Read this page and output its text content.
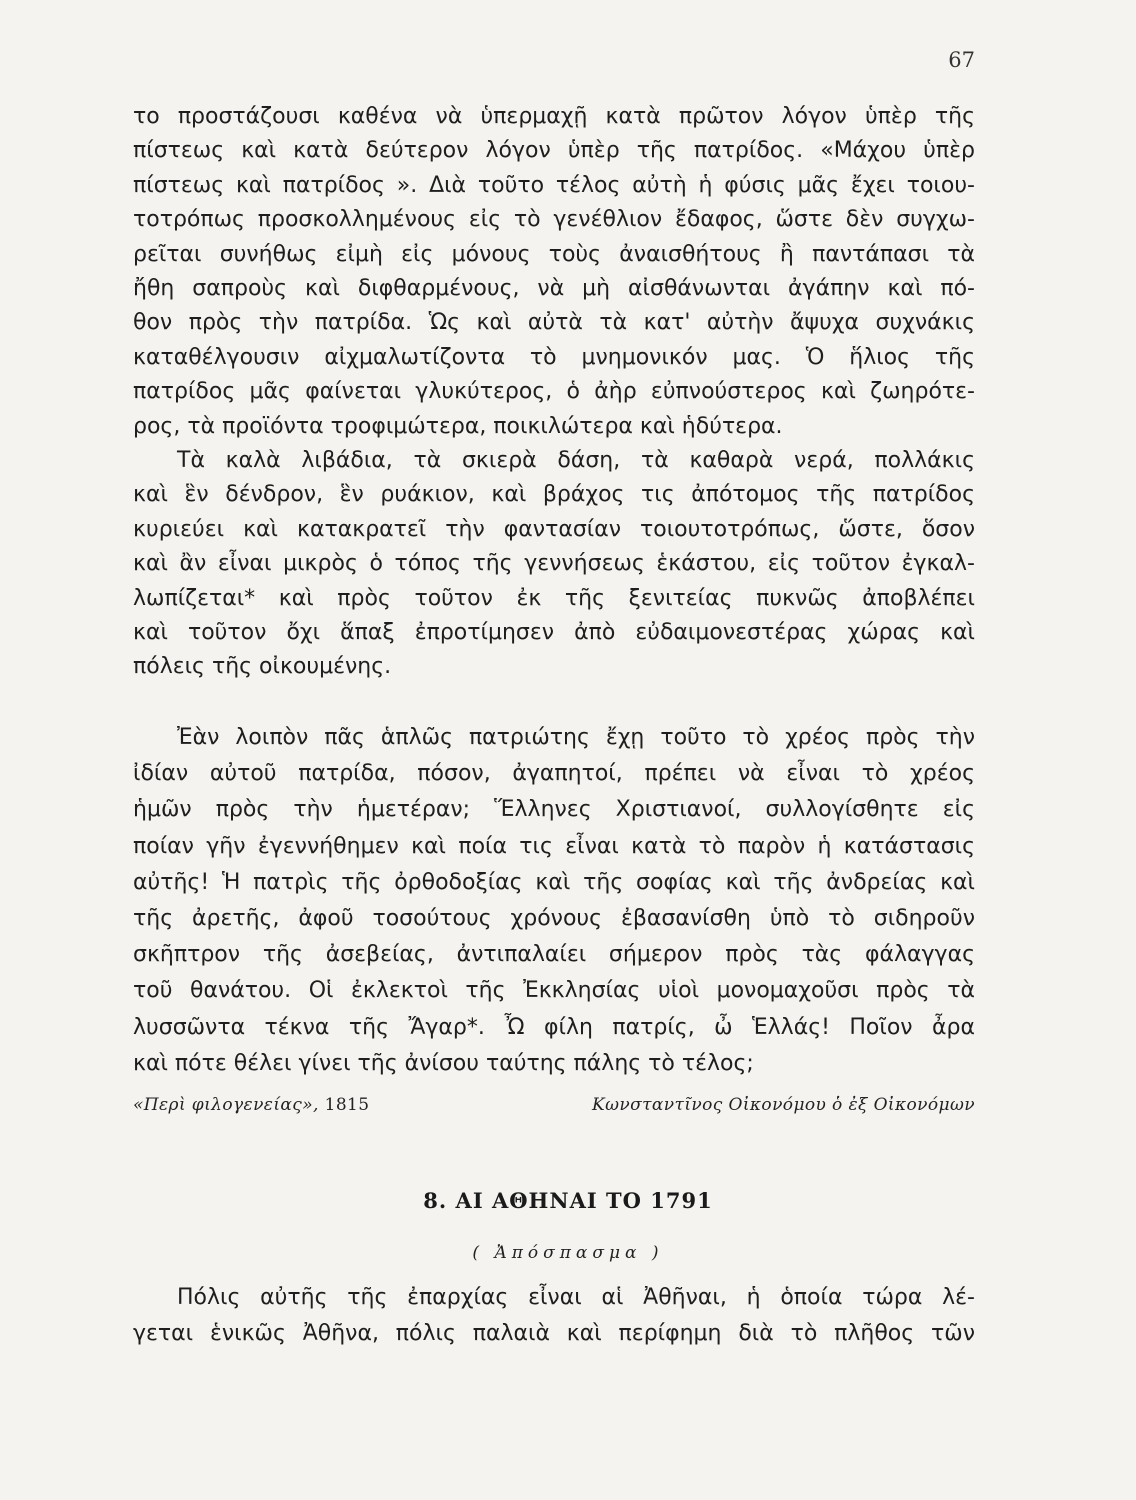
67
το προστάζουσι καθένα νὰ ὑπερμαχῇ κατὰ πρῶτον λόγον ὑπὲρ τῆς
πίστεως καὶ κατὰ δεύτερον λόγον ὑπὲρ τῆς πατρίδος. «Μάχου ὑπὲρ
πίστεως καὶ πατρίδος ». Διὰ τοῦτο τέλος αὐτὴ ἡ φύσις μᾶς ἔχει τοιου-
τοτρόπως προσκολλημένους εἰς τὸ γενέθλιον ἔδαφος, ὥστε δὲν συγχω-
ρεῖται συνήθως εἰμὴ εἰς μόνους τοὺς ἀναισθήτους ἢ παντάπασι τὰ
ἤθη σαπροὺς καὶ διφθαρμένους, νὰ μὴ αἰσθάνωνται ἀγάπην καὶ πό-
θον πρὸς τὴν πατρίδα. Ὡς καὶ αὐτὰ τὰ κατ' αὐτὴν ἄψυχα συχνάκις
καταθέλγουσιν αἰχμαλωτίζοντα τὸ μνημονικόν μας. Ὁ ἥλιος τῆς
πατρίδος μᾶς φαίνεται γλυκύτερος, ὁ ἀὴρ εὐπνούστερος καὶ ζωηρότε-
ρος, τὰ προϊόντα τροφιμώτερα, ποικιλώτερα καὶ ἡδύτερα.
Τὰ καλὰ λιβάδια, τὰ σκιερὰ δάση, τὰ καθαρὰ νερά, πολλάκις
καὶ ἓν δένδρον, ἓν ρυάκιον, καὶ βράχος τις ἀπότομος τῆς πατρίδος
κυριεύει καὶ κατακρατεῖ τὴν φαντασίαν τοιουτοτρόπως, ὥστε, ὅσον
καὶ ἂν εἶναι μικρὸς ὁ τόπος τῆς γεννήσεως ἑκάστου, εἰς τοῦτον ἐγκαλ-
λωπίζεται* καὶ πρὸς τοῦτον ἐκ τῆς ξενιτείας πυκνῶς ἀποβλέπει
καὶ τοῦτον ὄχι ἅπαξ ἐπροτίμησεν ἀπὸ εὐδαιμονεστέρας χώρας καὶ
πόλεις τῆς οἰκουμένης.
Ἐὰν λοιπὸν πᾶς ἁπλῶς πατριώτης ἔχῃ τοῦτο τὸ χρέος πρὸς τὴν
ἰδίαν αὐτοῦ πατρίδα, πόσον, ἀγαπητοί, πρέπει νὰ εἶναι τὸ χρέος
ἡμῶν πρὸς τὴν ἡμετέραν; Ἕλληνες Χριστιανοί, συλλογίσθητε εἰς
ποίαν γῆν ἐγεννήθημεν καὶ ποία τις εἶναι κατὰ τὸ παρὸν ἡ κατάστασις
αὐτῆς! Ἡ πατρὶς τῆς ὀρθοδοξίας καὶ τῆς σοφίας καὶ τῆς ἀνδρείας καὶ
τῆς ἀρετῆς, ἀφοῦ τοσούτους χρόνους ἐβασανίσθη ὑπὸ τὸ σιδηροῦν
σκῆπτρον τῆς ἀσεβείας, ἀντιπαλαίει σήμερον πρὸς τὰς φάλαγγας
τοῦ θανάτου. Οἱ ἐκλεκτοὶ τῆς Ἐκκλησίας υἱοὶ μονομαχοῦσι πρὸς τὰ
λυσσῶντα τέκνα τῆς Ἄγαρ*. Ὦ φίλη πατρίς, ὦ Ἑλλάς! Ποῖον ἆρα
καὶ πότε θέλει γίνει τῆς ἀνίσου ταύτης πάλης τὸ τέλος;
«Περὶ φιλογενείας», 1815	Κωνσταντῖνος Οἰκονόμου ὁ ἐξ Οἰκονόμων
8. ΑΙ ΑΘΗΝΑΙ ΤΟ 1791
( Ἀπόσπασμα )
Πόλις αὐτῆς τῆς ἐπαρχίας εἶναι αἱ Ἀθῆναι, ἡ ὁποία τώρα λέ-
γεται ἑνικῶς Ἀθῆνα, πόλις παλαιὰ καὶ περίφημη διὰ τὸ πλῆθος τῶν
